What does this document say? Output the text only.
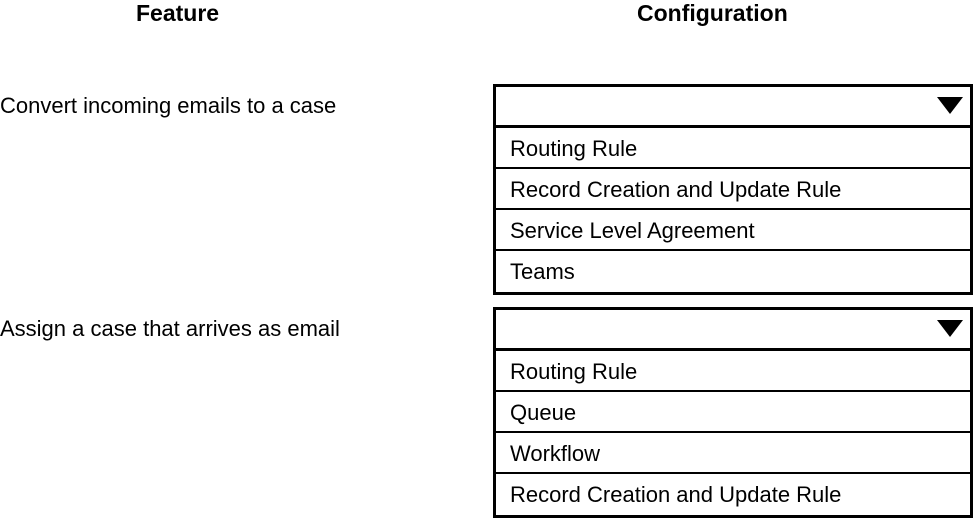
Feature	Configuration
Convert incoming emails to a case
Assign a case that arrives as email
Routing Rule
Record Creation and Update Rule
Service Level Agreement
Teams
Routing Rule
Queue
Workflow
Record Creation and Update Rule
